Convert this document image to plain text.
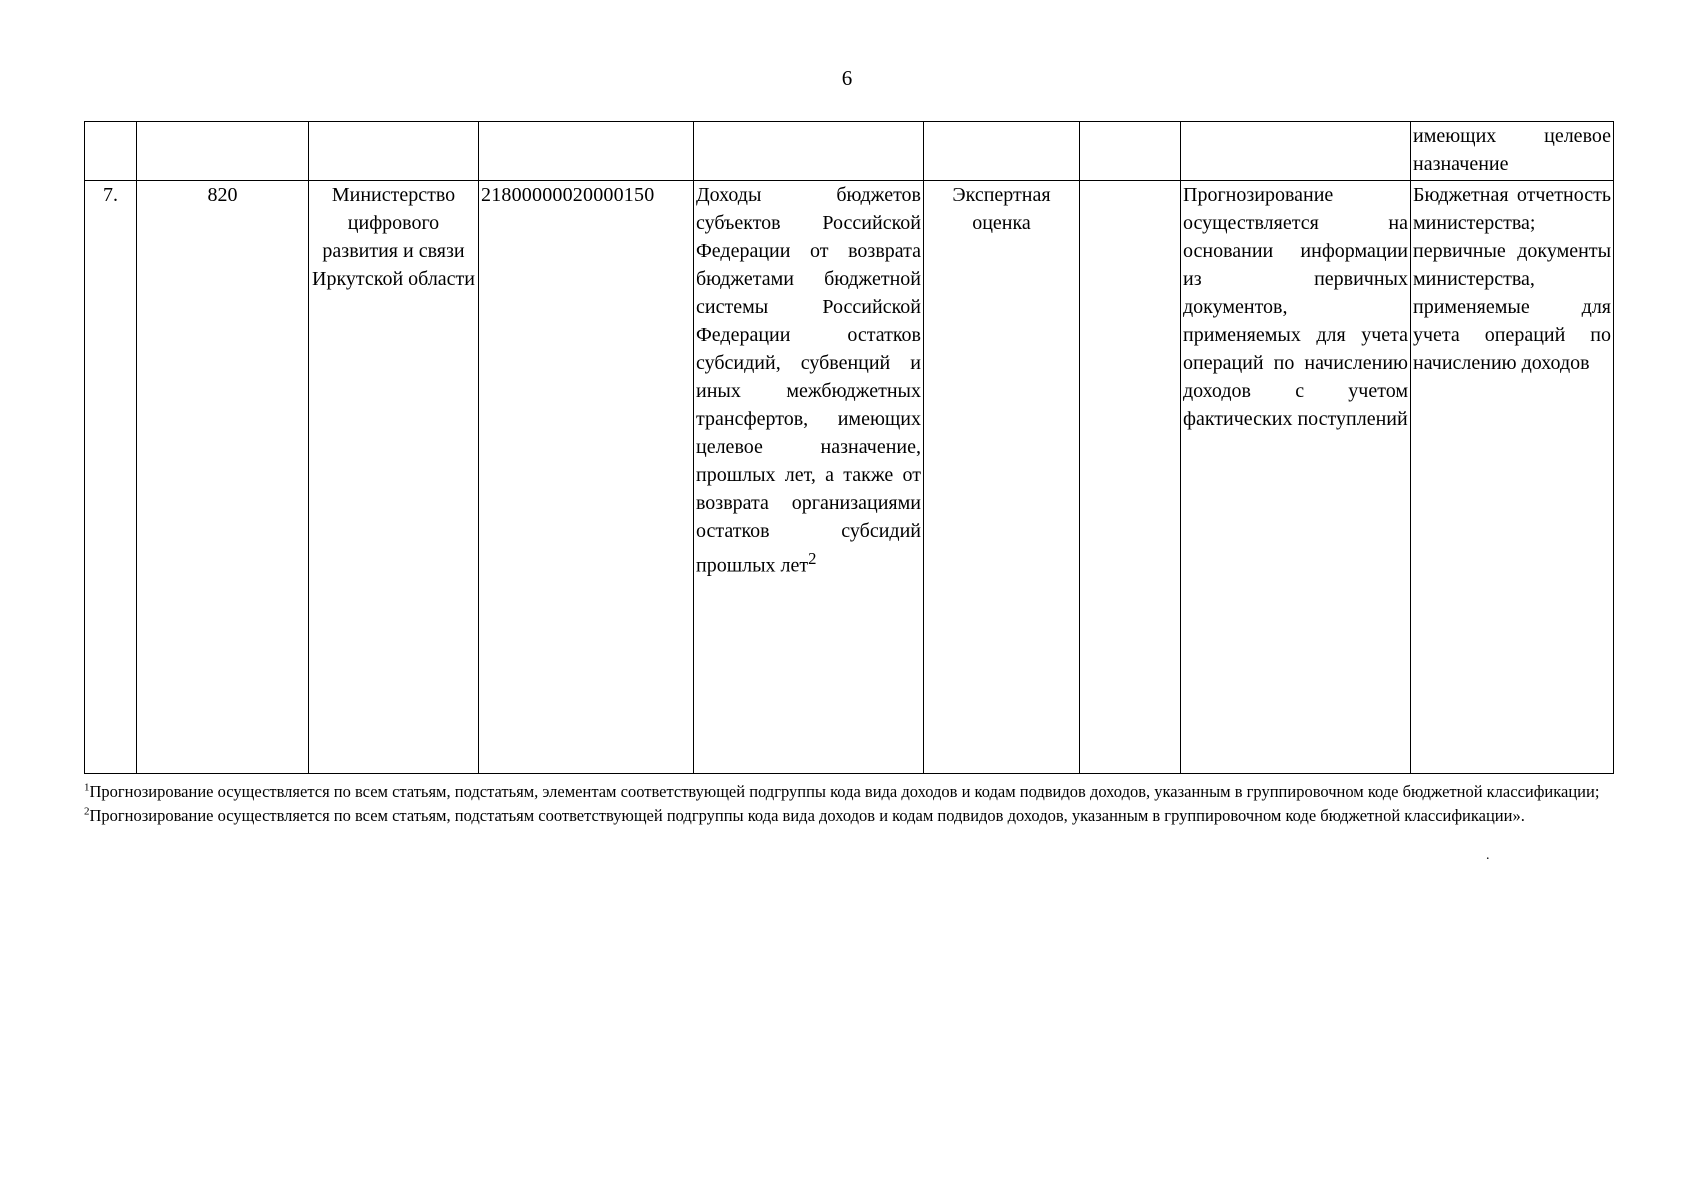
6

								имеющих целевое
назначение

7.	820	Министерство цифрового развития и связи Иркутской области	21800000020000150	Доходы бюджетов субъектов Российской Федерации от возврата бюджетами бюджетной системы Российской Федерации остатков субсидий, субвенций и иных межбюджетных трансфертов, имеющих целевое назначение, прошлых лет, а также от возврата организациями остатков субсидий прошлых лет$^2$	Экспертная оценка		Прогнозирование осуществляется на основании информации из первичных документов, применяемых для учета операций по начислению доходов с учетом фактических поступлений	Бюджетная отчетность министерства; первичные документы министерства, применяемые для учета операций по начислению доходов
$^1$Прогнозирование осуществляется по всем статьям, подстатьям, элементам соответствующей подгруппы кода вида доходов и кодам подвидов доходов, указанным в группировочном коде бюджетной классификации;
$^2$Прогнозирование осуществляется по всем статьям, подстатьям соответствующей подгруппы кода вида доходов и кодам подвидов доходов, указанным в группировочном коде бюджетной классификации».
.
